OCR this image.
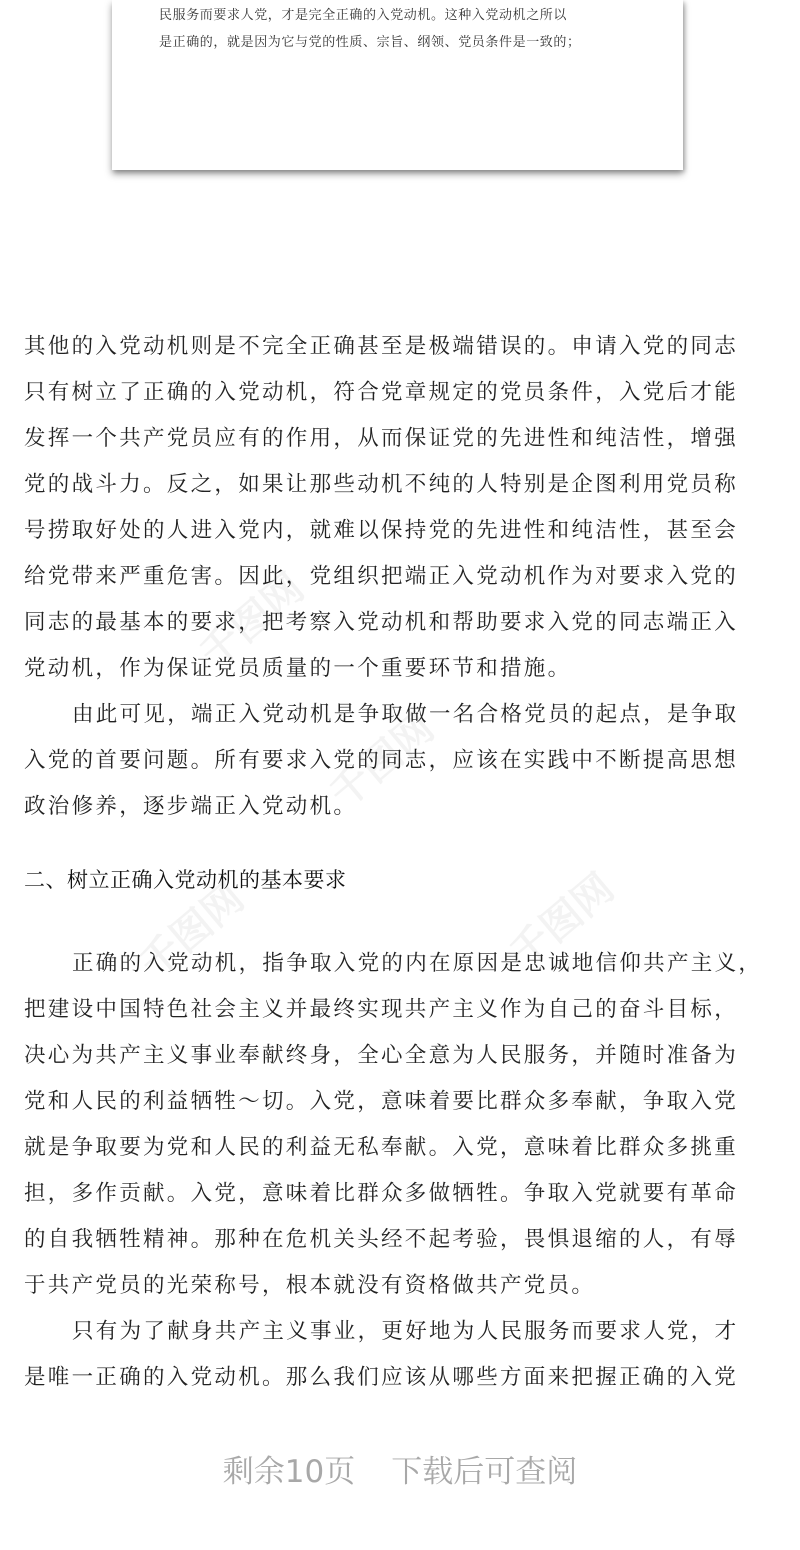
民服务而要求人党，才是完全正确的入党动机。这种入党动机之所以
是正确的，就是因为它与党的性质、宗旨、纲领、党员条件是一致的；
千图网
千图网
千图网	千图网
其他的入党动机则是不完全正确甚至是极端错误的。申请入党的同志
只有树立了正确的入党动机，符合党章规定的党员条件，入党后才能
发挥一个共产党员应有的作用，从而保证党的先进性和纯洁性，增强
党的战斗力。反之，如果让那些动机不纯的人特别是企图利用党员称
号捞取好处的人进入党内，就难以保持党的先进性和纯洁性，甚至会
给党带来严重危害。因此，党组织把端正入党动机作为对要求入党的
同志的最基本的要求，把考察入党动机和帮助要求入党的同志端正入
党动机，作为保证党员质量的一个重要环节和措施。
由此可见，端正入党动机是争取做一名合格党员的起点，是争取
入党的首要问题。所有要求入党的同志，应该在实践中不断提高思想
政治修养，逐步端正入党动机。
二、树立正确入党动机的基本要求
正确的入党动机，指争取入党的内在原因是忠诚地信仰共产主义，
把建设中国特色社会主义并最终实现共产主义作为自己的奋斗目标，
决心为共产主义事业奉献终身，全心全意为人民服务，并随时准备为
党和人民的利益牺牲～切。入党，意味着要比群众多奉献，争取入党
就是争取要为党和人民的利益无私奉献。入党，意味着比群众多挑重
担，多作贡献。入党，意味着比群众多做牺牲。争取入党就要有革命
的自我牺牲精神。那种在危机关头经不起考验，畏惧退缩的人，有辱
于共产党员的光荣称号，根本就没有资格做共产党员。
只有为了献身共产主义事业，更好地为人民服务而要求人党，才
是唯一正确的入党动机。那么我们应该从哪些方面来把握正确的入党
剩余10页 下载后可查阅
